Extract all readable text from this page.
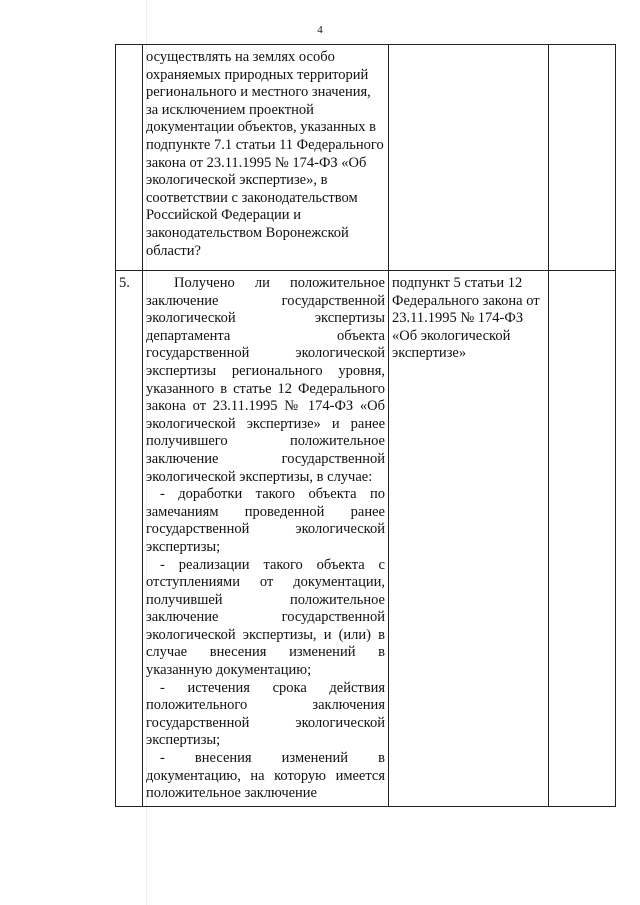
4
	осуществлять на землях особо охраняемых природных территорий регионального и местного значения, за исключением проектной документации объектов, указанных в подпункте 7.1 статьи 11 Федерального закона от 23.11.1995 № 174-ФЗ «Об экологической экспертизе», в соответствии с законодательством Российской Федерации и законодательством Воронежской области?		
5.	Получено ли положительное заключение государственной экологической экспертизы департамента объекта государственной экологической экспертизы регионального уровня, указанного в статье 12 Федерального закона от 23.11.1995 № 174-ФЗ «Об экологической экспертизе» и ранее получившего положительное заключение государственной экологической экспертизы, в случае:

- доработки такого объекта по замечаниям проведенной ранее государственной экологической экспертизы;

- реализации такого объекта с отступлениями от документации, получившей положительное заключение государственной экологической экспертизы, и (или) в случае внесения изменений в указанную документацию;

- истечения срока действия положительного заключения государственной экологической экспертизы;

- внесения изменений в документацию, на которую имеется положительное заключение	подпункт 5 статьи 12 Федерального закона от 23.11.1995 № 174-ФЗ «Об экологической экспертизе»	
